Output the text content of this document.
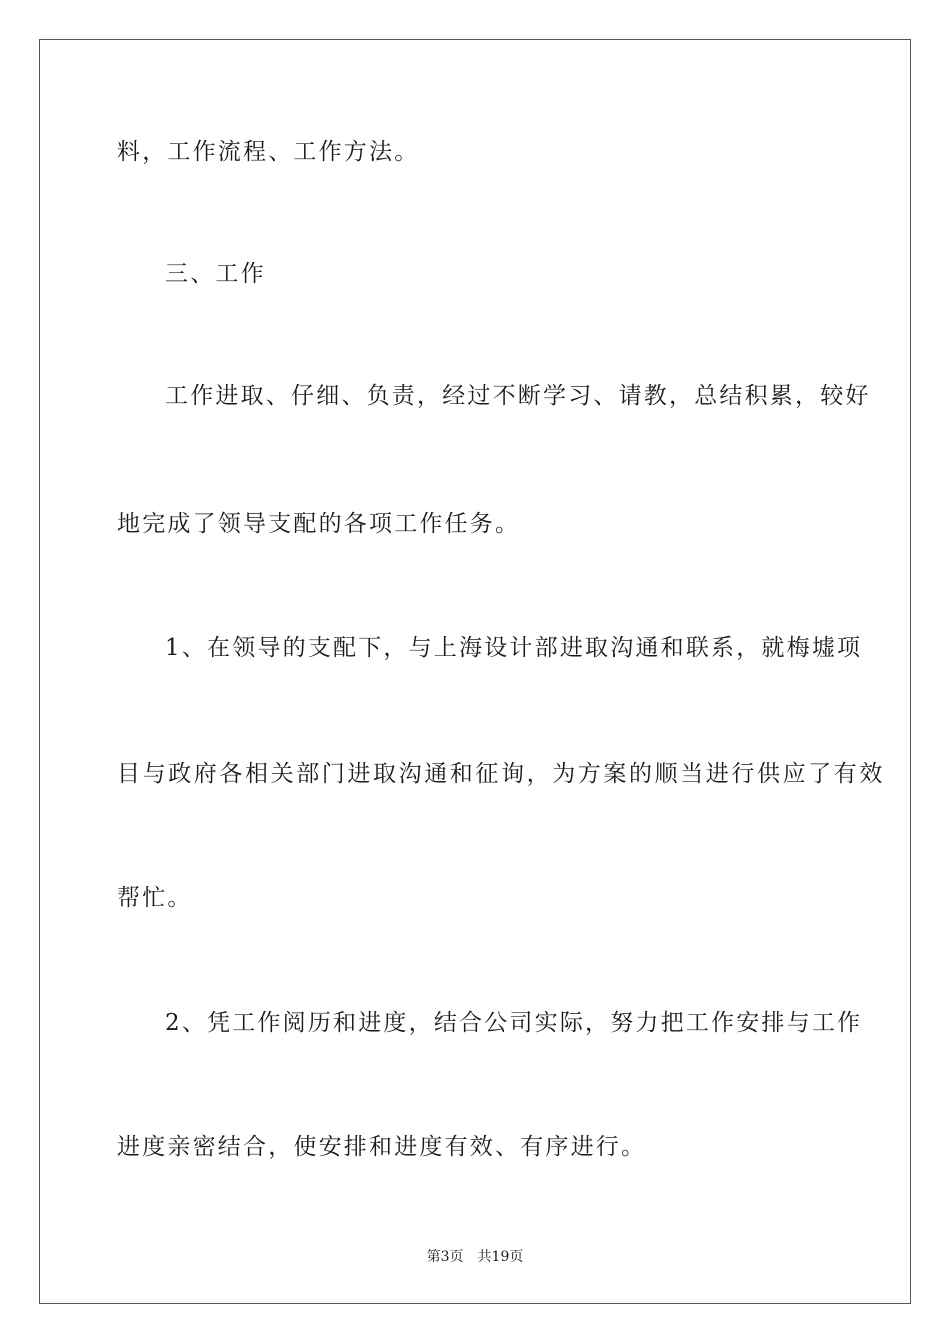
料，工作流程、工作方法。
三、工作
工作进取、仔细、负责，经过不断学习、请教，总结积累，较好
地完成了领导支配的各项工作任务。
1、在领导的支配下，与上海设计部进取沟通和联系，就梅墟项
目与政府各相关部门进取沟通和征询，为方案的顺当进行供应了有效
帮忙。
2、凭工作阅历和进度，结合公司实际，努力把工作安排与工作
进度亲密结合，使安排和进度有效、有序进行。
第3页　共19页
